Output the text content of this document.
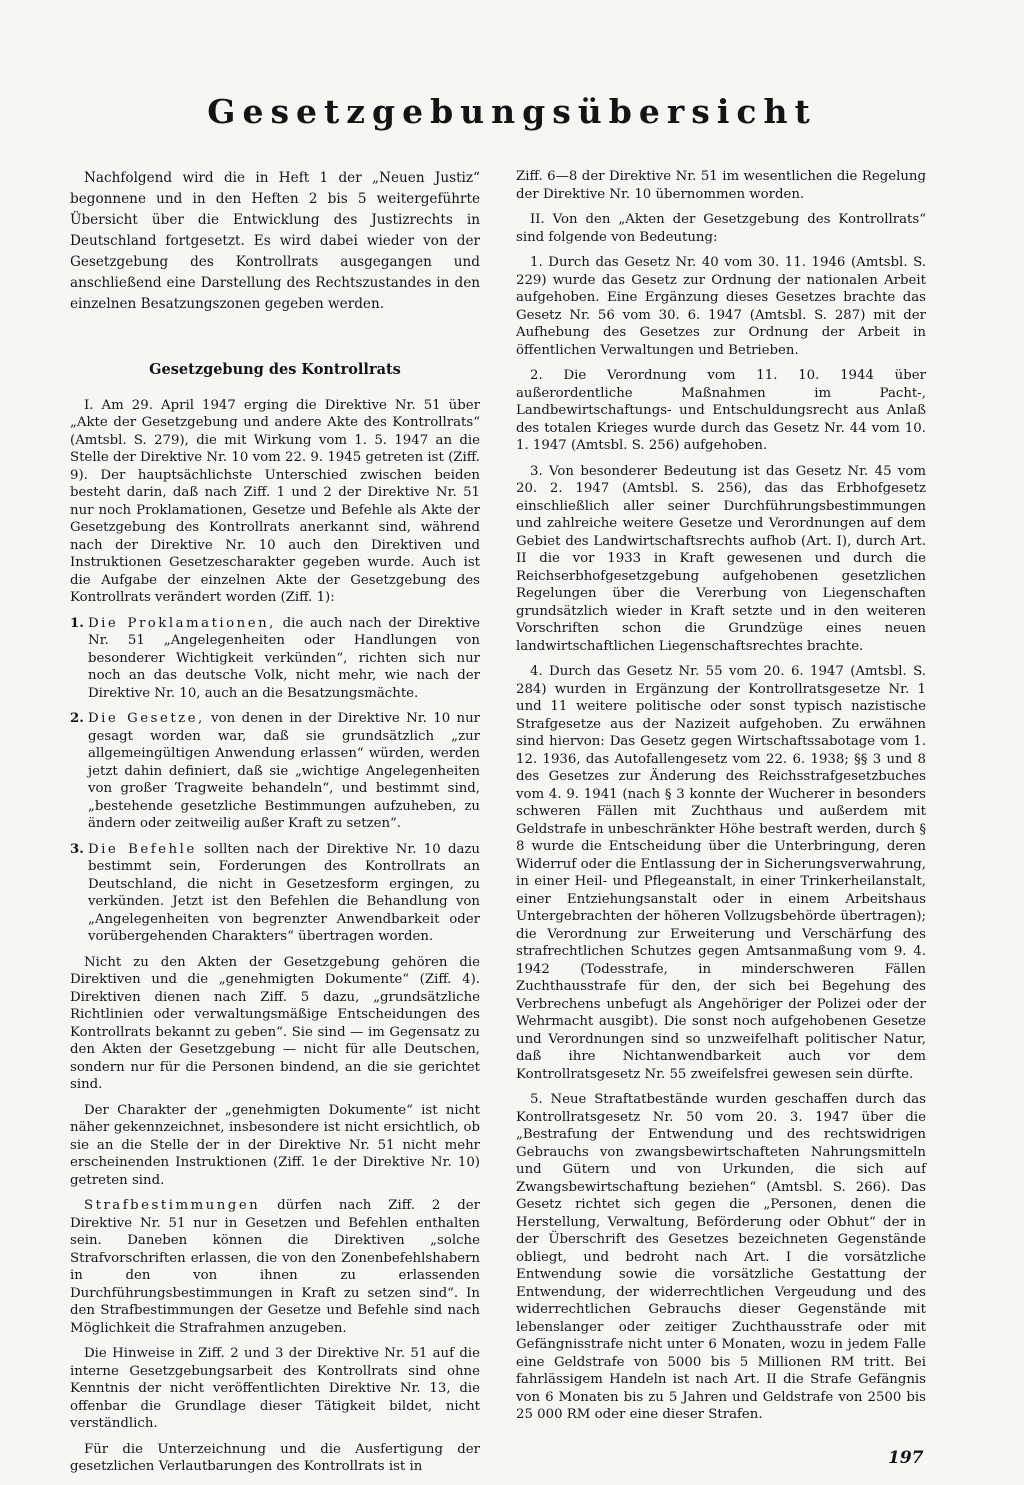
Gesetzgebungsübersicht

Nachfolgend wird die in Heft 1 der „Neuen Justiz“ begonnene und in den Heften 2 bis 5 weitergeführte Übersicht über die Entwicklung des Justizrechts in Deutschland fortgesetzt. Es wird dabei wieder von der Gesetzgebung des Kontrollrats ausgegangen und anschließend eine Darstellung des Rechtszustandes in den einzelnen Besatzungszonen gegeben werden.

Gesetzgebung des Kontrollrats

I. Am 29. April 1947 erging die Direktive Nr. 51 über „Akte der Gesetzgebung und andere Akte des Kontrollrats“ (Amtsbl. S. 279), die mit Wirkung vom 1. 5. 1947 an die Stelle der Direktive Nr. 10 vom 22. 9. 1945 getreten ist (Ziff. 9). Der hauptsächlichste Unterschied zwischen beiden besteht darin, daß nach Ziff. 1 und 2 der Direktive Nr. 51 nur noch Proklamationen, Gesetze und Befehle als Akte der Gesetzgebung des Kontrollrats anerkannt sind, während nach der Direktive Nr. 10 auch den Direktiven und Instruktionen Gesetzescharakter gegeben wurde. Auch ist die Aufgabe der einzelnen Akte der Gesetzgebung des Kontrollrats verändert worden (Ziff. 1):

1. Die Proklamationen, die auch nach der Direktive Nr. 51 „Angelegenheiten oder Handlungen von besonderer Wichtigkeit verkünden“, richten sich nur noch an das deutsche Volk, nicht mehr, wie nach der Direktive Nr. 10, auch an die Besatzungsmächte.
2. Die Gesetze, von denen in der Direktive Nr. 10 nur gesagt worden war, daß sie grundsätzlich „zur allgemeingültigen Anwendung erlassen“ würden, werden jetzt dahin definiert, daß sie „wichtige Angelegenheiten von großer Tragweite behandeln“, und bestimmt sind, „bestehende gesetzliche Bestimmungen aufzuheben, zu ändern oder zeitweilig außer Kraft zu setzen“.
3. Die Befehle sollten nach der Direktive Nr. 10 dazu bestimmt sein, Forderungen des Kontrollrats an Deutschland, die nicht in Gesetzesform ergingen, zu verkünden. Jetzt ist den Befehlen die Behandlung von „Angelegenheiten von begrenzter Anwendbarkeit oder vorübergehenden Charakters“ übertragen worden.

Nicht zu den Akten der Gesetzgebung gehören die Direktiven und die „genehmigten Dokumente“ (Ziff. 4). Direktiven dienen nach Ziff. 5 dazu, „grundsätzliche Richtlinien oder verwaltungsmäßige Entscheidungen des Kontrollrats bekannt zu geben“. Sie sind — im Gegensatz zu den Akten der Gesetzgebung — nicht für alle Deutschen, sondern nur für die Personen bindend, an die sie gerichtet sind.

Der Charakter der „genehmigten Dokumente“ ist nicht näher gekennzeichnet, insbesondere ist nicht ersichtlich, ob sie an die Stelle der in der Direktive Nr. 51 nicht mehr erscheinenden Instruktionen (Ziff. 1e der Direktive Nr. 10) getreten sind.

Strafbestimmungen dürfen nach Ziff. 2 der Direktive Nr. 51 nur in Gesetzen und Befehlen enthalten sein. Daneben können die Direktiven „solche Strafvorschriften erlassen, die von den Zonenbefehlshabern in den von ihnen zu erlassenden Durchführungsbestimmungen in Kraft zu setzen sind“. In den Strafbestimmungen der Gesetze und Befehle sind nach Möglichkeit die Strafrahmen anzugeben.

Die Hinweise in Ziff. 2 und 3 der Direktive Nr. 51 auf die interne Gesetzgebungsarbeit des Kontrollrats sind ohne Kenntnis der nicht veröffentlichten Direktive Nr. 13, die offenbar die Grundlage dieser Tätigkeit bildet, nicht verständlich.

Für die Unterzeichnung und die Ausfertigung der gesetzlichen Verlautbarungen des Kontrollrats ist in

Ziff. 6—8 der Direktive Nr. 51 im wesentlichen die Regelung der Direktive Nr. 10 übernommen worden.

II. Von den „Akten der Gesetzgebung des Kontrollrats“ sind folgende von Bedeutung:

1. Durch das Gesetz Nr. 40 vom 30. 11. 1946 (Amtsbl. S. 229) wurde das Gesetz zur Ordnung der nationalen Arbeit aufgehoben. Eine Ergänzung dieses Gesetzes brachte das Gesetz Nr. 56 vom 30. 6. 1947 (Amtsbl. S. 287) mit der Aufhebung des Gesetzes zur Ordnung der Arbeit in öffentlichen Verwaltungen und Betrieben.

2. Die Verordnung vom 11. 10. 1944 über außerordentliche Maßnahmen im Pacht-, Landbewirtschaftungs- und Entschuldungsrecht aus Anlaß des totalen Krieges wurde durch das Gesetz Nr. 44 vom 10. 1. 1947 (Amtsbl. S. 256) aufgehoben.

3. Von besonderer Bedeutung ist das Gesetz Nr. 45 vom 20. 2. 1947 (Amtsbl. S. 256), das das Erbhofgesetz einschließlich aller seiner Durchführungsbestimmungen und zahlreiche weitere Gesetze und Verordnungen auf dem Gebiet des Landwirtschaftsrechts aufhob (Art. I), durch Art. II die vor 1933 in Kraft gewesenen und durch die Reichserbhofgesetzgebung aufgehobenen gesetzlichen Regelungen über die Vererbung von Liegenschaften grundsätzlich wieder in Kraft setzte und in den weiteren Vorschriften schon die Grundzüge eines neuen landwirtschaftlichen Liegenschaftsrechtes brachte.

4. Durch das Gesetz Nr. 55 vom 20. 6. 1947 (Amtsbl. S. 284) wurden in Ergänzung der Kontrollratsgesetze Nr. 1 und 11 weitere politische oder sonst typisch nazistische Strafgesetze aus der Nazizeit aufgehoben. Zu erwähnen sind hiervon: Das Gesetz gegen Wirtschaftssabotage vom 1. 12. 1936, das Autofallengesetz vom 22. 6. 1938; §§ 3 und 8 des Gesetzes zur Änderung des Reichsstrafgesetzbuches vom 4. 9. 1941 (nach § 3 konnte der Wucherer in besonders schweren Fällen mit Zuchthaus und außerdem mit Geldstrafe in unbeschränkter Höhe bestraft werden, durch § 8 wurde die Entscheidung über die Unterbringung, deren Widerruf oder die Entlassung der in Sicherungsverwahrung, in einer Heil- und Pflegeanstalt, in einer Trinkerheilanstalt, einer Entziehungsanstalt oder in einem Arbeitshaus Untergebrachten der höheren Vollzugsbehörde übertragen); die Verordnung zur Erweiterung und Verschärfung des strafrechtlichen Schutzes gegen Amtsanmaßung vom 9. 4. 1942 (Todesstrafe, in minderschweren Fällen Zuchthausstrafe für den, der sich bei Begehung des Verbrechens unbefugt als Angehöriger der Polizei oder der Wehrmacht ausgibt). Die sonst noch aufgehobenen Gesetze und Verordnungen sind so unzweifelhaft politischer Natur, daß ihre Nichtanwendbarkeit auch vor dem Kontrollratsgesetz Nr. 55 zweifelsfrei gewesen sein dürfte.

5. Neue Straftatbestände wurden geschaffen durch das Kontrollratsgesetz Nr. 50 vom 20. 3. 1947 über die „Bestrafung der Entwendung und des rechtswidrigen Gebrauchs von zwangsbewirtschafteten Nahrungsmitteln und Gütern und von Urkunden, die sich auf Zwangsbewirtschaftung beziehen“ (Amtsbl. S. 266). Das Gesetz richtet sich gegen die „Personen, denen die Herstellung, Verwaltung, Beförderung oder Obhut“ der in der Überschrift des Gesetzes bezeichneten Gegenstände obliegt, und bedroht nach Art. I die vorsätzliche Entwendung sowie die vorsätzliche Gestattung der Entwendung, der widerrechtlichen Vergeudung und des widerrechtlichen Gebrauchs dieser Gegenstände mit lebenslanger oder zeitiger Zuchthausstrafe oder mit Gefängnisstrafe nicht unter 6 Monaten, wozu in jedem Falle eine Geldstrafe von 5000 bis 5 Millionen RM tritt. Bei fahrlässigem Handeln ist nach Art. II die Strafe Gefängnis von 6 Monaten bis zu 5 Jahren und Geldstrafe von 2500 bis 25 000 RM oder eine dieser Strafen.

197
